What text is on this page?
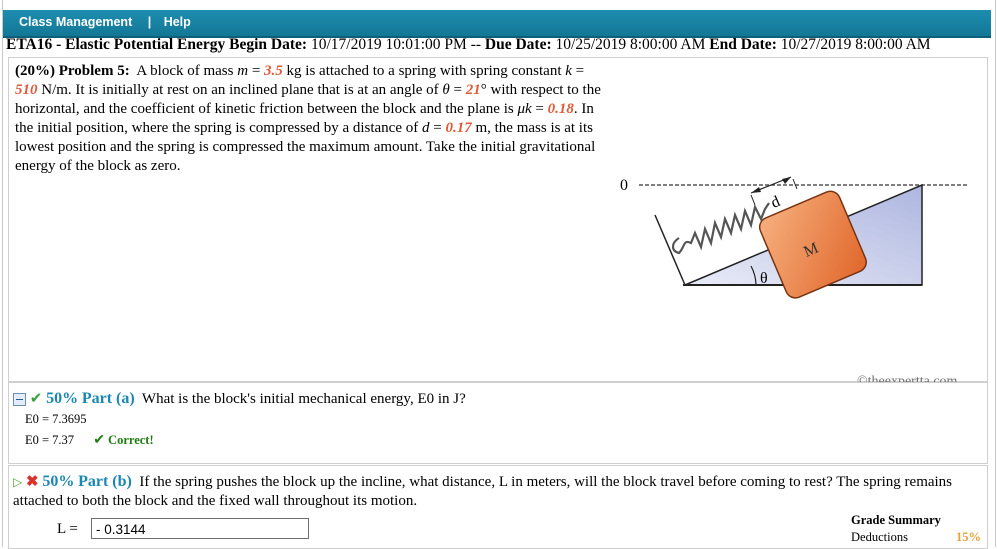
Class Management | Help
ETA16 - Elastic Potential Energy Begin Date: 10/17/2019 10:01:00 PM -- Due Date: 10/25/2019 8:00:00 AM End Date: 10/27/2019 8:00:00 AM
(20%) Problem 5: A block of mass m = 3.5 kg is attached to a spring with spring constant k = 510 N/m. It is initially at rest on an inclined plane that is at an angle of θ = 21° with respect to the horizontal, and the coefficient of kinetic friction between the block and the plane is μk = 0.18. In the initial position, where the spring is compressed by a distance of d = 0.17 m, the mass is at its lowest position and the spring is compressed the maximum amount. Take the initial gravitational energy of the block as zero.
0
M
d
θ
✔ 50% Part (a) What is the block's initial mechanical energy, E0 in J?
E0 = 7.3695
E0 = 7.37 ✔ Correct!
▷ ✖ 50% Part (b) If the spring pushes the block up the incline, what distance, L in meters, will the block travel before coming to rest? The spring remains attached to both the block and the fixed wall throughout its motion.
L =	- 0.3144
Grade Summary
Deductions	15%
